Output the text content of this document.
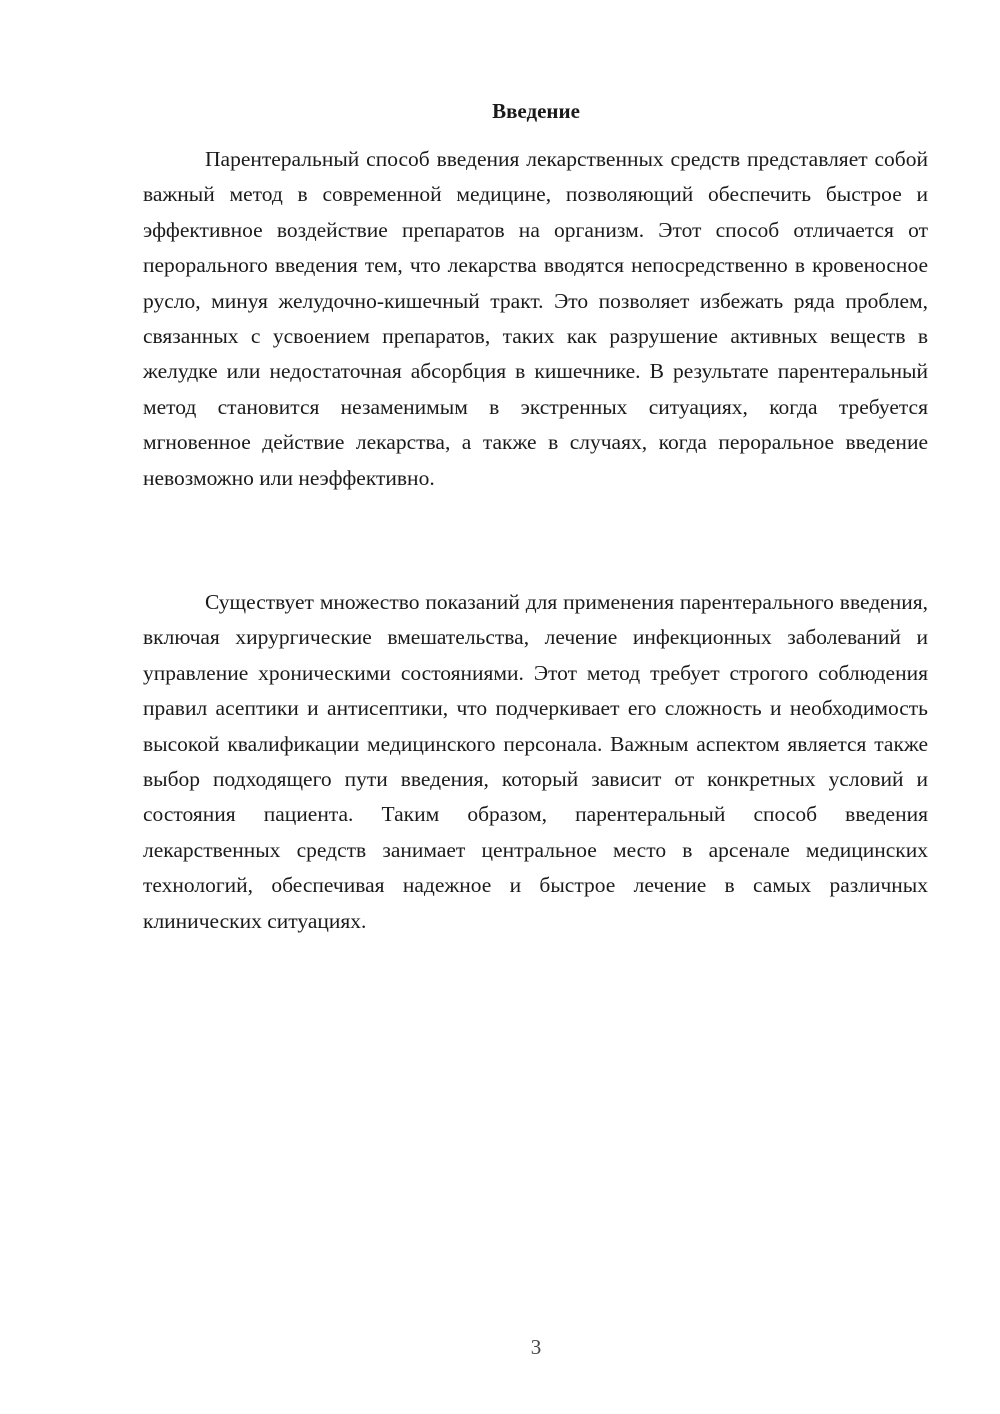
Введение

Парентеральный способ введения лекарственных средств представляет собой важный метод в современной медицине, позволяющий обеспечить быстрое и эффективное воздействие препаратов на организм. Этот способ отличается от перорального введения тем, что лекарства вводятся непосредственно в кровеносное русло, минуя желудочно-кишечный тракт. Это позволяет избежать ряда проблем, связанных с усвоением препаратов, таких как разрушение активных веществ в желудке или недостаточная абсорбция в кишечнике. В результате парентеральный метод становится незаменимым в экстренных ситуациях, когда требуется мгновенное действие лекарства, а также в случаях, когда пероральное введение невозможно или неэффективно.

Существует множество показаний для применения парентерального введения, включая хирургические вмешательства, лечение инфекционных заболеваний и управление хроническими состояниями. Этот метод требует строгого соблюдения правил асептики и антисептики, что подчеркивает его сложность и необходимость высокой квалификации медицинского персонала. Важным аспектом является также выбор подходящего пути введения, который зависит от конкретных условий и состояния пациента. Таким образом, парентеральный способ введения лекарственных средств занимает центральное место в арсенале медицинских технологий, обеспечивая надежное и быстрое лечение в самых различных клинических ситуациях.

3
